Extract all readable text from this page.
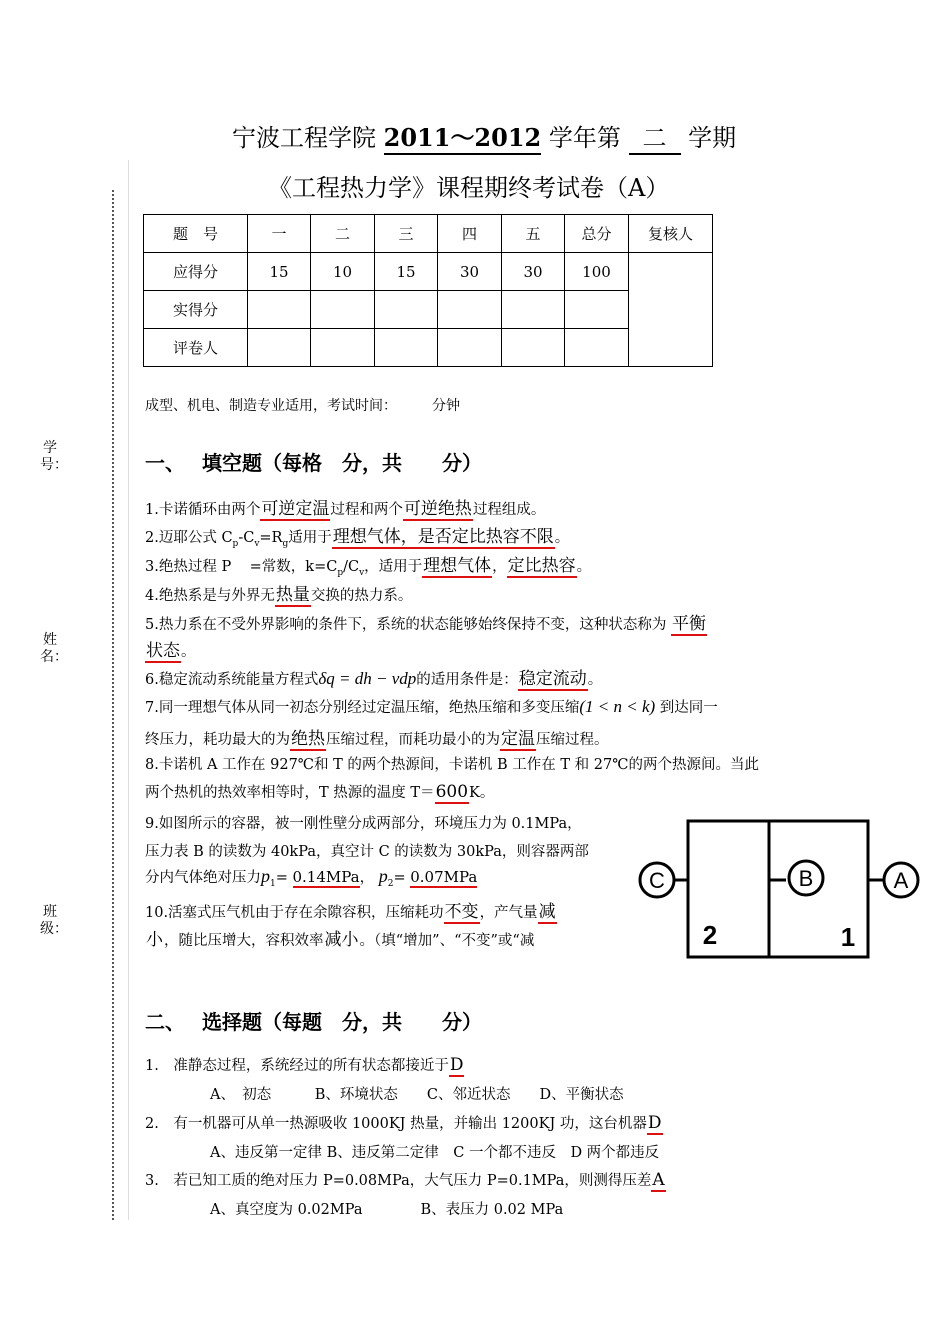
学号：
姓名：
班级：
宁波工程学院 2011～2012 学年第 二 学期
《工程热力学》课程期终考试卷（A）
题　号	一	二	三	四	五	总分	复核人
应得分	15	10	15	30	30	100	
实得分							
评卷人							
成型、机电、制造专业适用，考试时间：　　　分钟
一、　 填空题（每格　分，共　　分）
1.卡诺循环由两个可逆定温过程和两个可逆绝热过程组成。
2.迈耶公式 $C_p-C_v=R_g$适用于理想气体，是否定比热容不限。
3.绝热过程 P =常数，$k=C_p/C_v$，适用于理想气体，定比热容。
4.绝热系是与外界无热量交换的热力系。
5.热力系在不受外界影响的条件下，系统的状态能够始终保持不变，这种状态称为 平衡
状态。
6.稳定流动系统能量方程式δq = dh − vdp的适用条件是：稳定流动。
7.同一理想气体从同一初态分别经过定温压缩，绝热压缩和多变压缩(1 < n < k) 到达同一
终压力，耗功最大的为绝热压缩过程，而耗功最小的为定温压缩过程。
8.卡诺机 A 工作在 927℃和 T 的两个热源间，卡诺机 B 工作在 T 和 27℃的两个热源间。当此
两个热机的热效率相等时，T 热源的温度 T＝600K。
9.如图所示的容器，被一刚性壁分成两部分，环境压力为 0.1MPa，
压力表 B 的读数为 40kPa，真空计 C 的读数为 30kPa，则容器两部
分内气体绝对压力$p_1= 0.14MPa$， $p_2= 0.07MPa$
10.活塞式压气机由于存在余隙容积，压缩耗功不变，产气量减
小，随比压增大，容积效率减小。（填“增加”、“不变”或“减
C	B	A
2	1
二、　 选择题（每题　分，共　　分）
1.　准静态过程，系统经过的所有状态都接近于D
A、　初态　　　B、环境状态　　C、邻近状态　　D、平衡状态
2.　有一机器可从单一热源吸收 1000KJ 热量，并输出 1200KJ 功，这台机器D
A、违反第一定律 B、违反第二定律　C 一个都不违反　D 两个都违反
3.　若已知工质的绝对压力 P=0.08MPa，大气压力 P=0.1MPa，则测得压差A
A、真空度为 0.02MPa　　　　B、表压力 0.02 MPa
